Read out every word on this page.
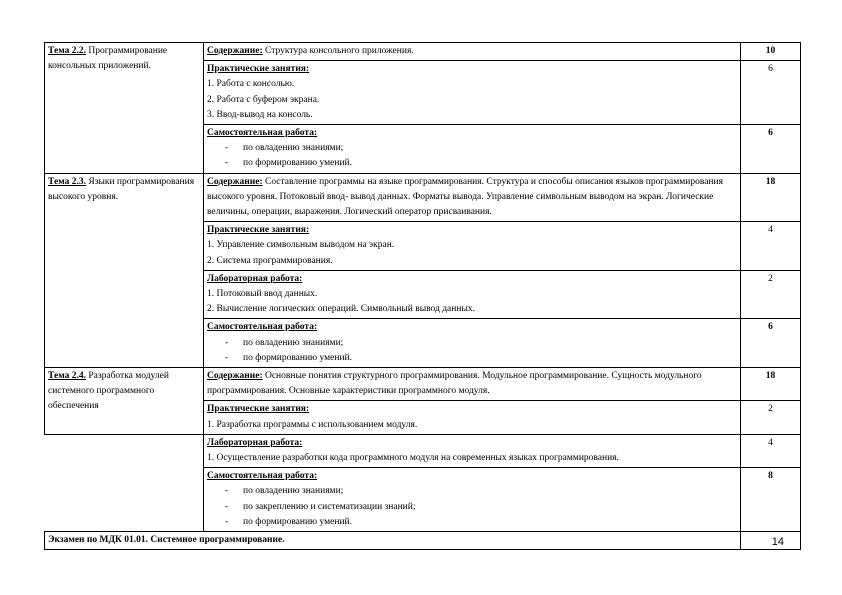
Тема 2.2. Программирование консольных приложений.	Содержание: Структура консольного приложения.	10

	Практические занятия:
1. Работа с консолью.
2. Работа с буфером экрана.
3. Ввод-вывод на консоль.	6

	Самостоятельная работа:
- по овладению знаниями;
- по формированию умений.	6
Тема 2.3. Языки программирования высокого уровня.	Содержание: Составление программы на языке программирования. Структура и способы описания языков программирования высокого уровня. Потоковый ввод- вывод данных. Форматы вывода. Управление символьным выводом на экран. Логические величины, операции, выражения. Логический оператор присваивания.	18

	Практические занятия:
1. Управление символьным выводом на экран.
2. Система программирования.	4

	Лабораторная работа:
1. Потоковый ввод данных.
2. Вычисление логических операций. Символьный вывод данных.	2

	Самостоятельная работа:
- по овладению знаниями;
- по формированию умений.	6
Тема 2.4. Разработка модулей системного программного обеспечения	Содержание: Основные понятия структурного программирования. Модульное программирование. Сущность модульного программирования. Основные характеристики программного модуля.	18

	Практические занятия:
1. Разработка программы с использованием модуля.	2

	Лабораторная работа:
1. Осуществление разработки кода программного модуля на современных языках программирования.	4

	Самостоятельная работа:
- по овладению знаниями;
- по закреплению и систематизации знаний;
- по формированию умений.	8
Экзамен по МДК 01.01. Системное программирование.			14
